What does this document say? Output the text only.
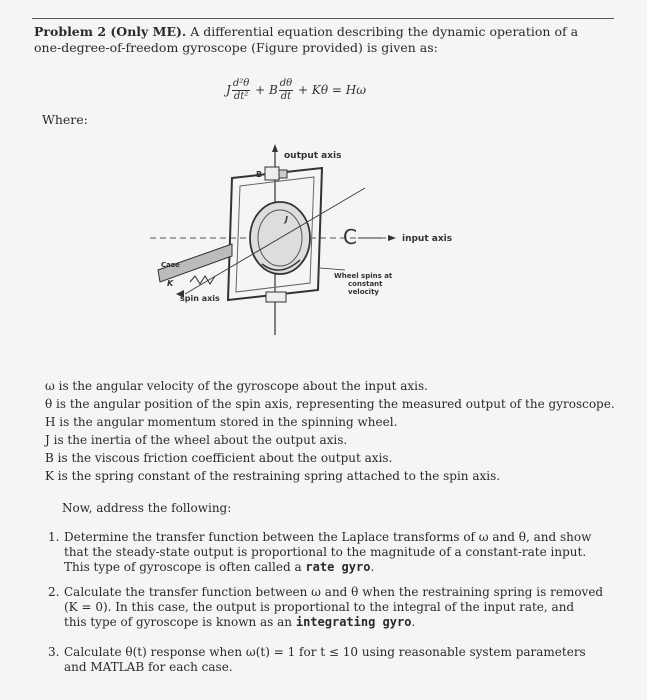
Problem 2 (Only ME). A differential equation describing the dynamic operation of a
one-degree-of-freedom gyroscope (Figure provided) is given as:
J $\frac{\text{d²θ}}{\text{dt²}} + B \frac{d\theta}{dt} + K\theta = H\omega$
Where:
output axis
input axis
C
J
B
Case
K
spin axis
Wheel spins at
constant
velocity
ω is the angular velocity of the gyroscope about the input axis.
θ is the angular position of the spin axis, representing the measured output of the gyroscope.
H is the angular momentum stored in the spinning wheel.
J is the inertia of the wheel about the output axis.
B is the viscous friction coefficient about the output axis.
K is the spring constant of the restraining spring attached to the spin axis.
Now, address the following:
1. Determine the transfer function between the Laplace transforms of ω and θ, and show
that the steady-state output is proportional to the magnitude of a constant-rate input.
This type of gyroscope is often called a rate gyro.
2. Calculate the transfer function between ω and θ when the restraining spring is removed
(K = 0). In this case, the output is proportional to the integral of the input rate, and
this type of gyroscope is known as an integrating gyro.
3. Calculate θ(t) response when ω(t) = 1 for t ≤ 10 using reasonable system parameters
and MATLAB for each case.
